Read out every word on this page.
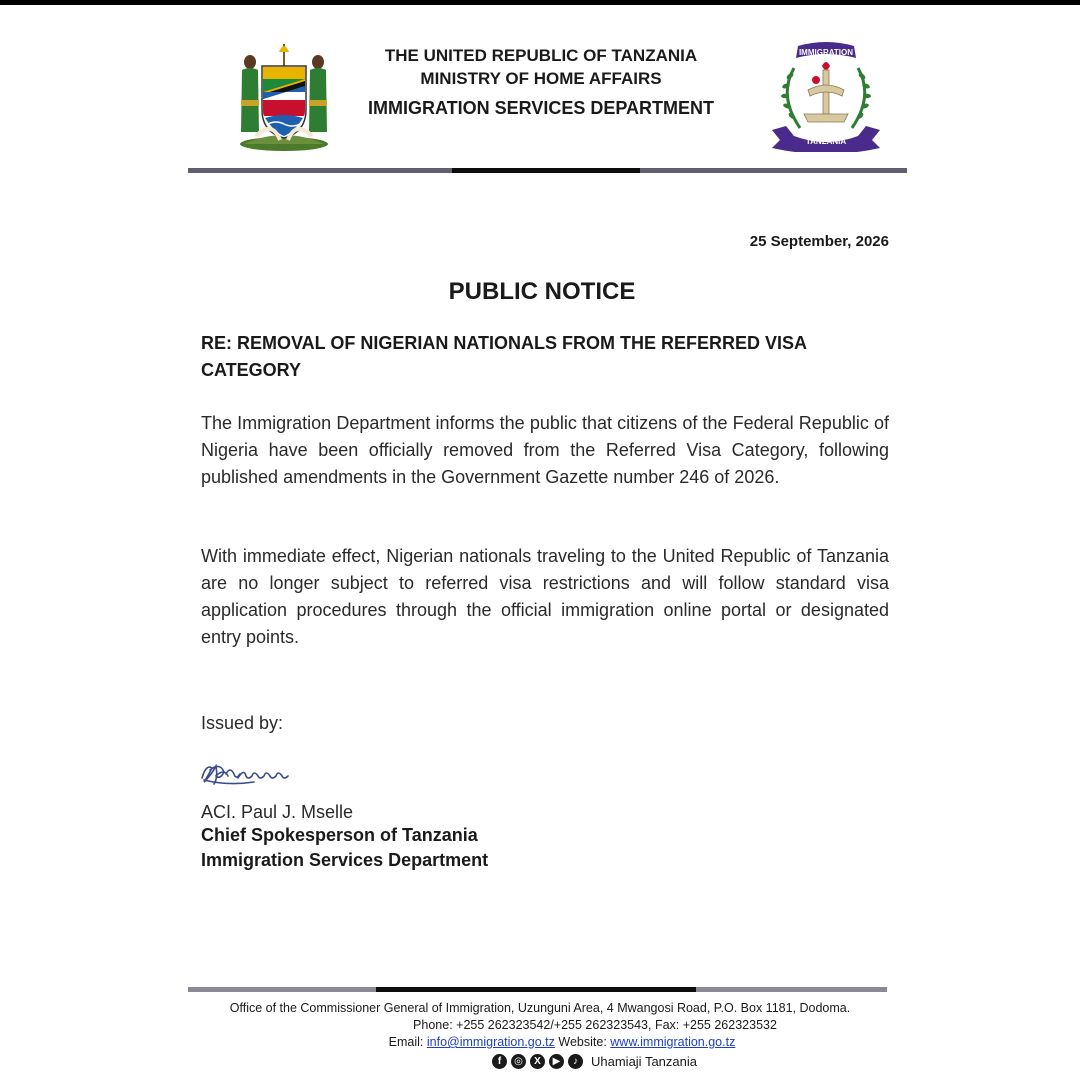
IMMIGRATION
TANZANIA
THE UNITED REPUBLIC OF TANZANIA
MINISTRY OF HOME AFFAIRS
IMMIGRATION SERVICES DEPARTMENT
25 September, 2026
PUBLIC NOTICE
RE: REMOVAL OF NIGERIAN NATIONALS FROM THE REFERRED VISA CATEGORY
The Immigration Department informs the public that citizens of the Federal Republic of Nigeria have been officially removed from the Referred Visa Category, following published amendments in the Government Gazette number 246 of 2026.
With immediate effect, Nigerian nationals traveling to the United Republic of Tanzania are no longer subject to referred visa restrictions and will follow standard visa application procedures through the official immigration online portal or designated entry points.
Issued by:
ACI. Paul J. Mselle
Chief Spokesperson of Tanzania
Immigration Services Department
Office of the Commissioner General of Immigration, Uzunguni Area, 4 Mwangosi Road, P.O. Box 1181, Dodoma.
Phone: +255 262323542/+255 262323543, Fax: +255 262323532
Email: info@immigration.go.tz Website: www.immigration.go.tz
f	◎	X	▶	♪	Uhamiaji Tanzania
